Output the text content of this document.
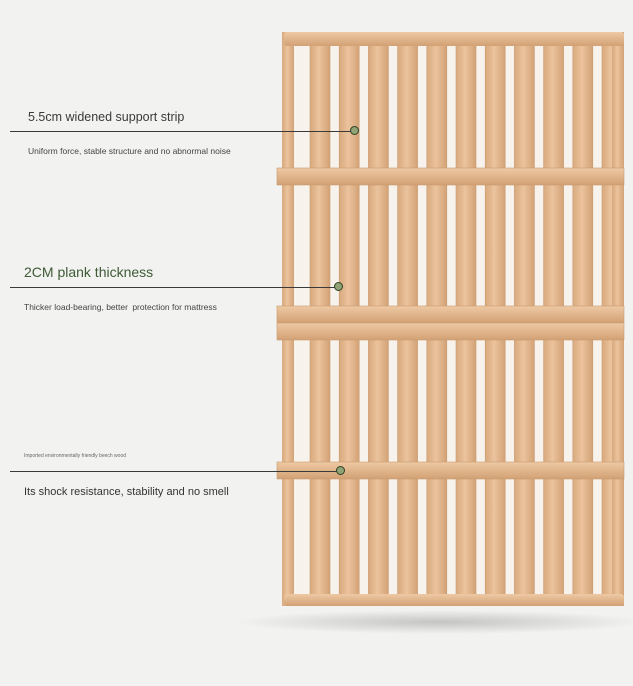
5.5cm widened support strip
Uniform force, stable structure and no abnormal noise
2CM plank thickness
Thicker load-bearing, better protection for mattress
Imported environmentally friendly beech wood
Its shock resistance, stability and no smell
